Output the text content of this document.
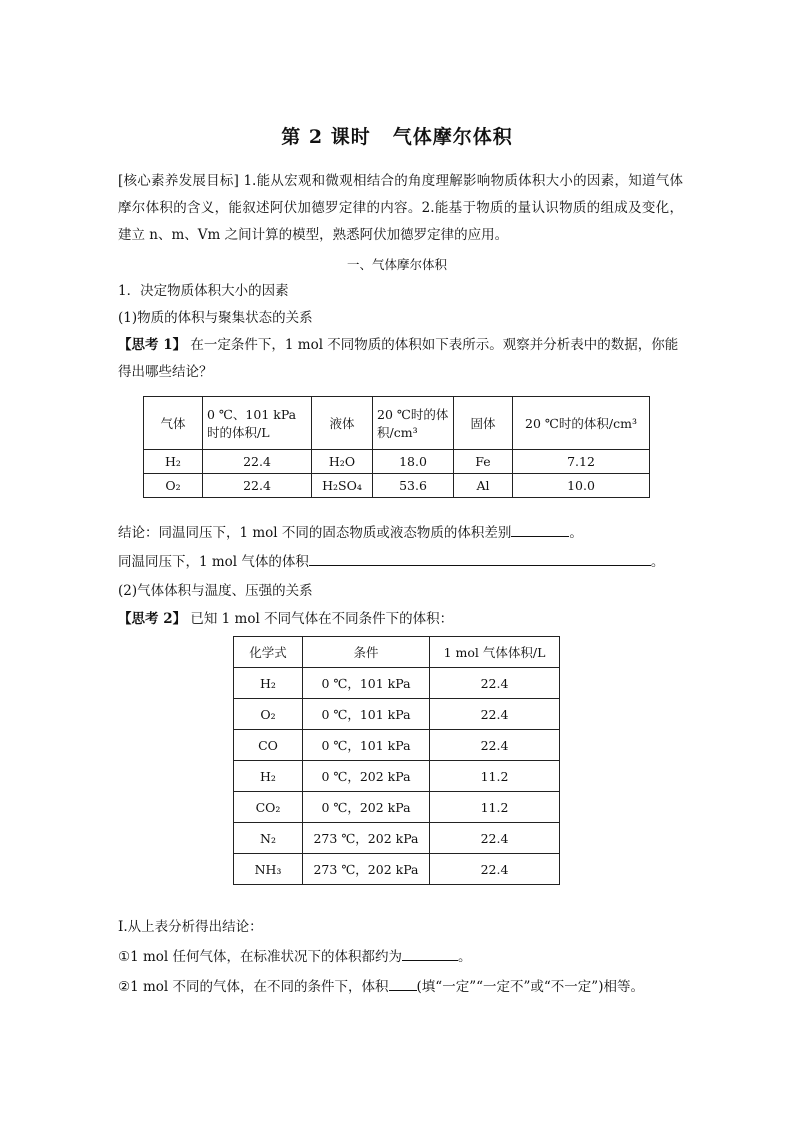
第 2 课时 气体摩尔体积
[核心素养发展目标] 1.能从宏观和微观相结合的角度理解影响物质体积大小的因素，知道气体摩尔体积的含义，能叙述阿伏加德罗定律的内容。2.能基于物质的量认识物质的组成及变化，建立 n、m、Vm 之间计算的模型，熟悉阿伏加德罗定律的应用。
一、气体摩尔体积
1．决定物质体积大小的因素
(1)物质的体积与聚集状态的关系
【思考 1】 在一定条件下，1 mol 不同物质的体积如下表所示。观察并分析表中的数据，你能
得出哪些结论？
气体	0 ℃、101 kPa 时的体积/L	液体	20 ℃时的体积/cm³	固体	20 ℃时的体积/cm³
H₂	22.4	H₂O	18.0	Fe	7.12
O₂	22.4	H₂SO₄	53.6	Al	10.0
结论：同温同压下，1 mol 不同的固态物质或液态物质的体积差别	。
同温同压下，1 mol 气体的体积	。
(2)气体体积与温度、压强的关系
【思考 2】 已知 1 mol 不同气体在不同条件下的体积：
化学式	条件	1 mol 气体体积/L
H₂	0 ℃，101 kPa	22.4
O₂	0 ℃，101 kPa	22.4
CO	0 ℃，101 kPa	22.4
H₂	0 ℃，202 kPa	11.2
CO₂	0 ℃，202 kPa	11.2
N₂	273 ℃，202 kPa	22.4
NH₃	273 ℃，202 kPa	22.4
Ⅰ.从上表分析得出结论：
①1 mol 任何气体，在标准状况下的体积都约为	。
②1 mol 不同的气体，在不同的条件下，体积 (填“一定”“一定不”或“不一定”)相等。
